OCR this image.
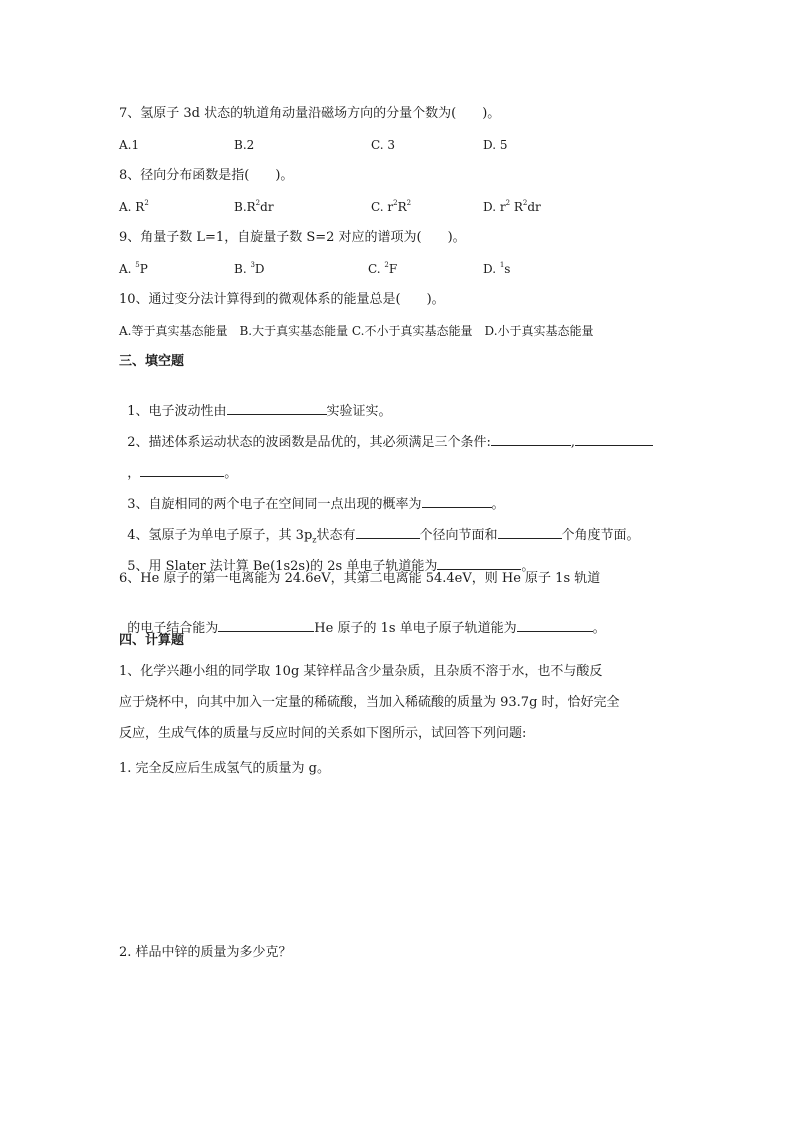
7、氢原子 3d 状态的轨道角动量沿磁场方向的分量个数为(　　)。
A.1	B.2	C. 3	D. 5
8、径向分布函数是指(　　)。
A. $R^2$	$B.R^2dr$	C. $r^2R^2$	D. $r^2$ $R^2dr$
9、角量子数 L=1，自旋量子数 S=2 对应的谱项为(　　)。
A. $^5$P	B. $^3$D	C. $^2$F	D. $^1$s
10、通过变分法计算得到的微观体系的能量总是(　　)。
A.等于真实基态能量　B.大于真实基态能量 C.不小于真实基态能量　D.小于真实基态能量
三、填空题

1、电子波动性由	实验证实。

2、描述体系运动状态的波函数是品优的，其必须满足三个条件:	,

，	。

3、自旋相同的两个电子在空间同一点出现的概率为	。

4、氢原子为单电子原子，其 $3p_z$状态有	个径向节面和	个角度节面。

5、用 Slater 法计算 Be(1s2s)的 2s 单电子轨道能为	。

6、He 原子的第一电离能为 24.6eV，其第二电离能 54.4eV，则 He 原子 1s 轨道

的电子结合能为	He 原子的 1s 单电子原子轨道能为	。

四、计算题
1、化学兴趣小组的同学取 10g 某锌样品含少量杂质，且杂质不溶于水，也不与酸反
应于烧杯中，向其中加入一定量的稀硫酸，当加入稀硫酸的质量为 93.7g 时，恰好完全
反应，生成气体的质量与反应时间的关系如下图所示，试回答下列问题:
1. 完全反应后生成氢气的质量为 g。
2. 样品中锌的质量为多少克？
